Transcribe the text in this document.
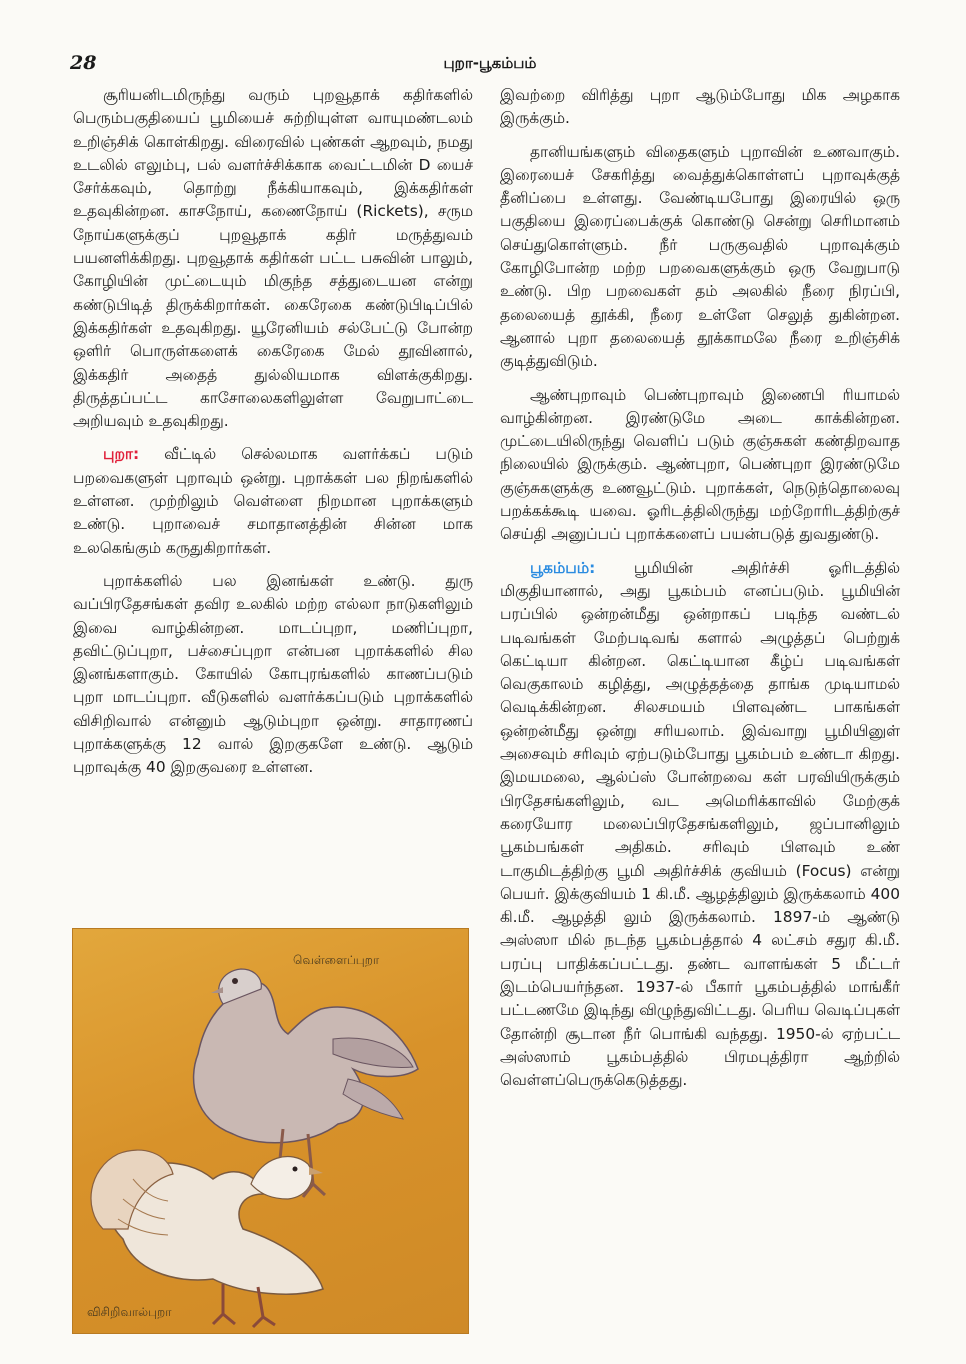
28	புறா-பூகம்பம்

சூரியனிடமிருந்து வரும் புறவூதாக் கதிர்களில் பெரும்பகுதியைப் பூமியைச் சுற்றியுள்ள வாயுமண்டலம் உறிஞ்சிக் கொள்கிறது. விரைவில் புண்கள் ஆறவும், நமது உடலில் எலும்பு, பல் வளர்ச்சிக்காக வைட்டமின் D யைச் சேர்க்கவும், தொற்று நீக்கியாகவும், இக்கதிர்கள் உதவுகின்றன. காசநோய், கணைநோய் (Rickets), சரும நோய்களுக்குப் புறவூதாக் கதிர் மருத்துவம் பயனளிக்கிறது. புறவூதாக் கதிர்கள் பட்ட பசுவின் பாலும், கோழியின் முட்டையும் மிகுந்த சத்துடையன என்று கண்டுபிடித் திருக்கிறார்கள். கைரேகை கண்டுபிடிப்பில் இக்கதிர்கள் உதவுகிறது. யூரேனியம் சல்பேட்டு போன்ற ஒளிர் பொருள்களைக் கைரேகை மேல் தூவினால், இக்கதிர் அதைத் துல்லியமாக விளக்குகிறது. திருத்தப்பட்ட காசோலைகளிலுள்ள வேறுபாட்டை அறியவும் உதவுகிறது.

புறா: வீட்டில் செல்லமாக வளர்க்கப் படும் பறவைகளுள் புறாவும் ஒன்று. புறாக்கள் பல நிறங்களில் உள்ளன. முற்றிலும் வெள்ளை நிறமான புறாக்களும் உண்டு. புறாவைச் சமாதானத்தின் சின்ன மாக உலகெங்கும் கருதுகிறார்கள்.

புறாக்களில் பல இனங்கள் உண்டு. துரு வப்பிரதேசங்கள் தவிர உலகில் மற்ற எல்லா நாடுகளிலும் இவை வாழ்கின்றன. மாடப்புறா, மணிப்புறா, தவிட்டுப்புறா, பச்சைப்புறா என்பன புறாக்களில் சில இனங்களாகும். கோயில் கோபுரங்களில் காணப்படும் புறா மாடப்புறா. வீடுகளில் வளர்க்கப்படும் புறாக்களில் விசிறிவால் என்னும் ஆடும்புறா ஒன்று. சாதாரணப் புறாக்களுக்கு 12 வால் இறகுகளே உண்டு. ஆடும் புறாவுக்கு 40 இறகுவரை உள்ளன.

வெள்ளைப்புறா
விசிறிவால்புறா

இவற்றை விரித்து புறா ஆடும்போது மிக அழகாக இருக்கும்.

தானியங்களும் விதைகளும் புறாவின் உணவாகும். இரையைச் சேகரித்து வைத்துக்கொள்ளப் புறாவுக்குத் தீனிப்பை உள்ளது. வேண்டியபோது இரையில் ஒரு பகுதியை இரைப்பைக்குக் கொண்டு சென்று செரிமானம் செய்துகொள்ளும். நீர் பருகுவதில் புறாவுக்கும் கோழிபோன்ற மற்ற பறவைகளுக்கும் ஒரு வேறுபாடு உண்டு. பிற பறவைகள் தம் அலகில் நீரை நிரப்பி, தலையைத் தூக்கி, நீரை உள்ளே செலுத் துகின்றன. ஆனால் புறா தலையைத் தூக்காமலே நீரை உறிஞ்சிக் குடித்துவிடும்.

ஆண்புறாவும் பெண்புறாவும் இணைபி ரியாமல் வாழ்கின்றன. இரண்டுமே அடை காக்கின்றன. முட்டையிலிருந்து வெளிப் படும் குஞ்சுகள் கண்திறவாத நிலையில் இருக்கும். ஆண்புறா, பெண்புறா இரண்டுமே குஞ்சுகளுக்கு உணவூட்டும். புறாக்கள், நெடுந்தொலைவு பறக்கக்கூடி யவை. ஓரிடத்திலிருந்து மற்றோரிடத்திற்குச் செய்தி அனுப்பப் புறாக்களைப் பயன்படுத் துவதுண்டு.

பூகம்பம்: பூமியின் அதிர்ச்சி ஓரிடத்தில் மிகுதியானால், அது பூகம்பம் எனப்படும். பூமியின் பரப்பில் ஒன்றன்மீது ஒன்றாகப் படிந்த வண்டல் படிவங்கள் மேற்படிவங் களால் அழுத்தப் பெற்றுக் கெட்டியா கின்றன. கெட்டியான கீழ்ப் படிவங்கள் வெகுகாலம் கழித்து, அழுத்தத்தை தாங்க முடியாமல் வெடிக்கின்றன. சிலசமயம் பிளவுண்ட பாகங்கள் ஒன்றன்மீது ஒன்று சரியலாம். இவ்வாறு பூமியினுள் அசைவும் சரிவும் ஏற்படும்போது பூகம்பம் உண்டா கிறது. இமயமலை, ஆல்ப்ஸ் போன்றவை கள் பரவியிருக்கும் பிரதேசங்களிலும், வட அமெரிக்காவில் மேற்குக் கரையோர மலைப்பிரதேசங்களிலும், ஜப்பானிலும் பூகம்பங்கள் அதிகம். சரிவும் பிளவும் உண் டாகுமிடத்திற்கு பூமி அதிர்ச்சிக் குவியம் (Focus) என்று பெயர். இக்குவியம் 1 கி.மீ. ஆழத்திலும் இருக்கலாம் 400 கி.மீ. ஆழத்தி லும் இருக்கலாம். 1897-ம் ஆண்டு அஸ்ஸா மில் நடந்த பூகம்பத்தால் 4 லட்சம் சதுர கி.மீ. பரப்பு பாதிக்கப்பட்டது. தண்ட வாளங்கள் 5 மீட்டர் இடம்பெயர்ந்தன. 1937-ல் பீகார் பூகம்பத்தில் மாங்கீர் பட்டணமே இடிந்து விழுந்துவிட்டது. பெரிய வெடிப்புகள் தோன்றி சூடான நீர் பொங்கி வந்தது. 1950-ல் ஏற்பட்ட அஸ்ஸாம் பூகம்பத்தில் பிரமபுத்திரா ஆற்றில் வெள்ளப்பெருக்கெடுத்தது.
